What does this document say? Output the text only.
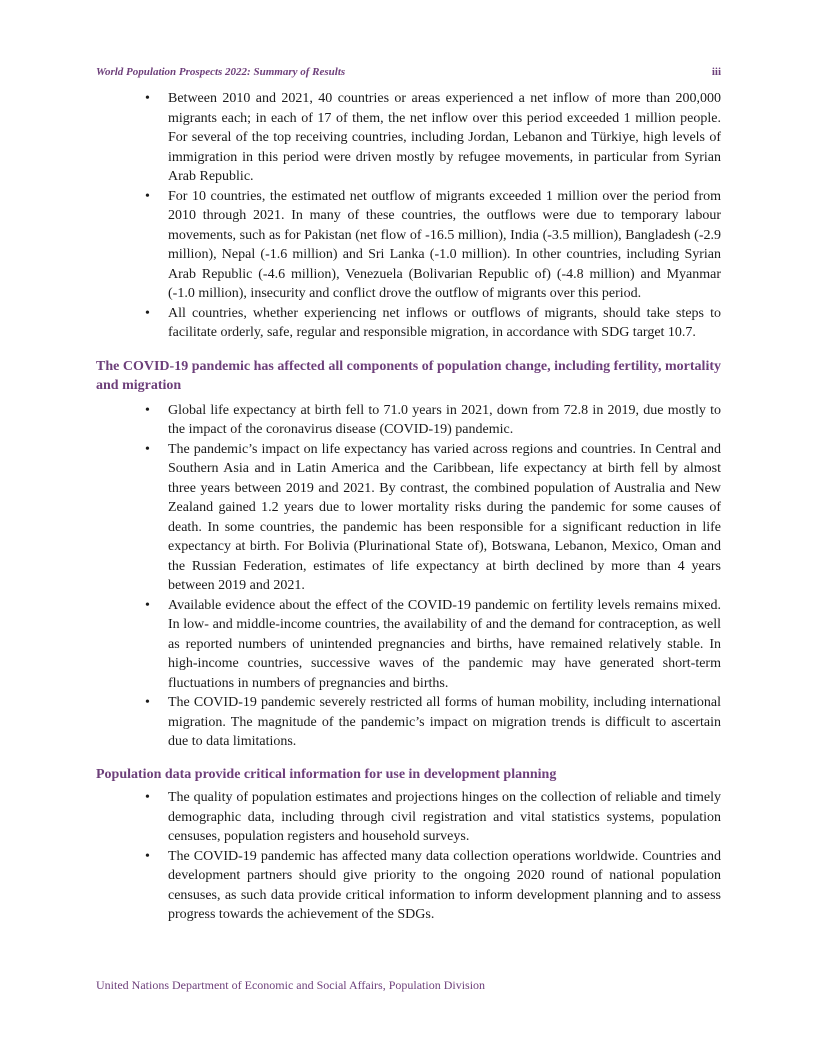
World Population Prospects 2022: Summary of Results	iii
• Between 2010 and 2021, 40 countries or areas experienced a net inflow of more than 200,000 migrants each; in each of 17 of them, the net inflow over this period exceeded 1 million people. For several of the top receiving countries, including Jordan, Lebanon and Türkiye, high levels of immigration in this period were driven mostly by refugee movements, in particular from Syrian Arab Republic.
• For 10 countries, the estimated net outflow of migrants exceeded 1 million over the period from 2010 through 2021. In many of these countries, the outflows were due to temporary labour movements, such as for Pakistan (net flow of -16.5 million), India (-3.5 million), Bangladesh (-2.9 million), Nepal (-1.6 million) and Sri Lanka (-1.0 million). In other countries, including Syrian Arab Republic (-4.6 million), Venezuela (Bolivarian Republic of) (-4.8 million) and Myanmar (-1.0 million), insecurity and conflict drove the outflow of migrants over this period.
• All countries, whether experiencing net inflows or outflows of migrants, should take steps to facilitate orderly, safe, regular and responsible migration, in accordance with SDG target 10.7.
The COVID-19 pandemic has affected all components of population change, including fertility, mortality and migration
• Global life expectancy at birth fell to 71.0 years in 2021, down from 72.8 in 2019, due mostly to the impact of the coronavirus disease (COVID-19) pandemic.
• The pandemic’s impact on life expectancy has varied across regions and countries. In Central and Southern Asia and in Latin America and the Caribbean, life expectancy at birth fell by almost three years between 2019 and 2021. By contrast, the combined population of Australia and New Zealand gained 1.2 years due to lower mortality risks during the pandemic for some causes of death. In some countries, the pandemic has been responsible for a significant reduction in life expectancy at birth. For Bolivia (Plurinational State of), Botswana, Lebanon, Mexico, Oman and the Russian Federation, estimates of life expectancy at birth declined by more than 4 years between 2019 and 2021.
• Available evidence about the effect of the COVID-19 pandemic on fertility levels remains mixed. In low- and middle-income countries, the availability of and the demand for contraception, as well as reported numbers of unintended pregnancies and births, have remained relatively stable. In high-income countries, successive waves of the pandemic may have generated short-term fluctuations in numbers of pregnancies and births.
• The COVID-19 pandemic severely restricted all forms of human mobility, including international migration. The magnitude of the pandemic’s impact on migration trends is difficult to ascertain due to data limitations.
Population data provide critical information for use in development planning
• The quality of population estimates and projections hinges on the collection of reliable and timely demographic data, including through civil registration and vital statistics systems, population censuses, population registers and household surveys.
• The COVID-19 pandemic has affected many data collection operations worldwide. Countries and development partners should give priority to the ongoing 2020 round of national population censuses, as such data provide critical information to inform development planning and to assess progress towards the achievement of the SDGs.
United Nations Department of Economic and Social Affairs, Population Division
